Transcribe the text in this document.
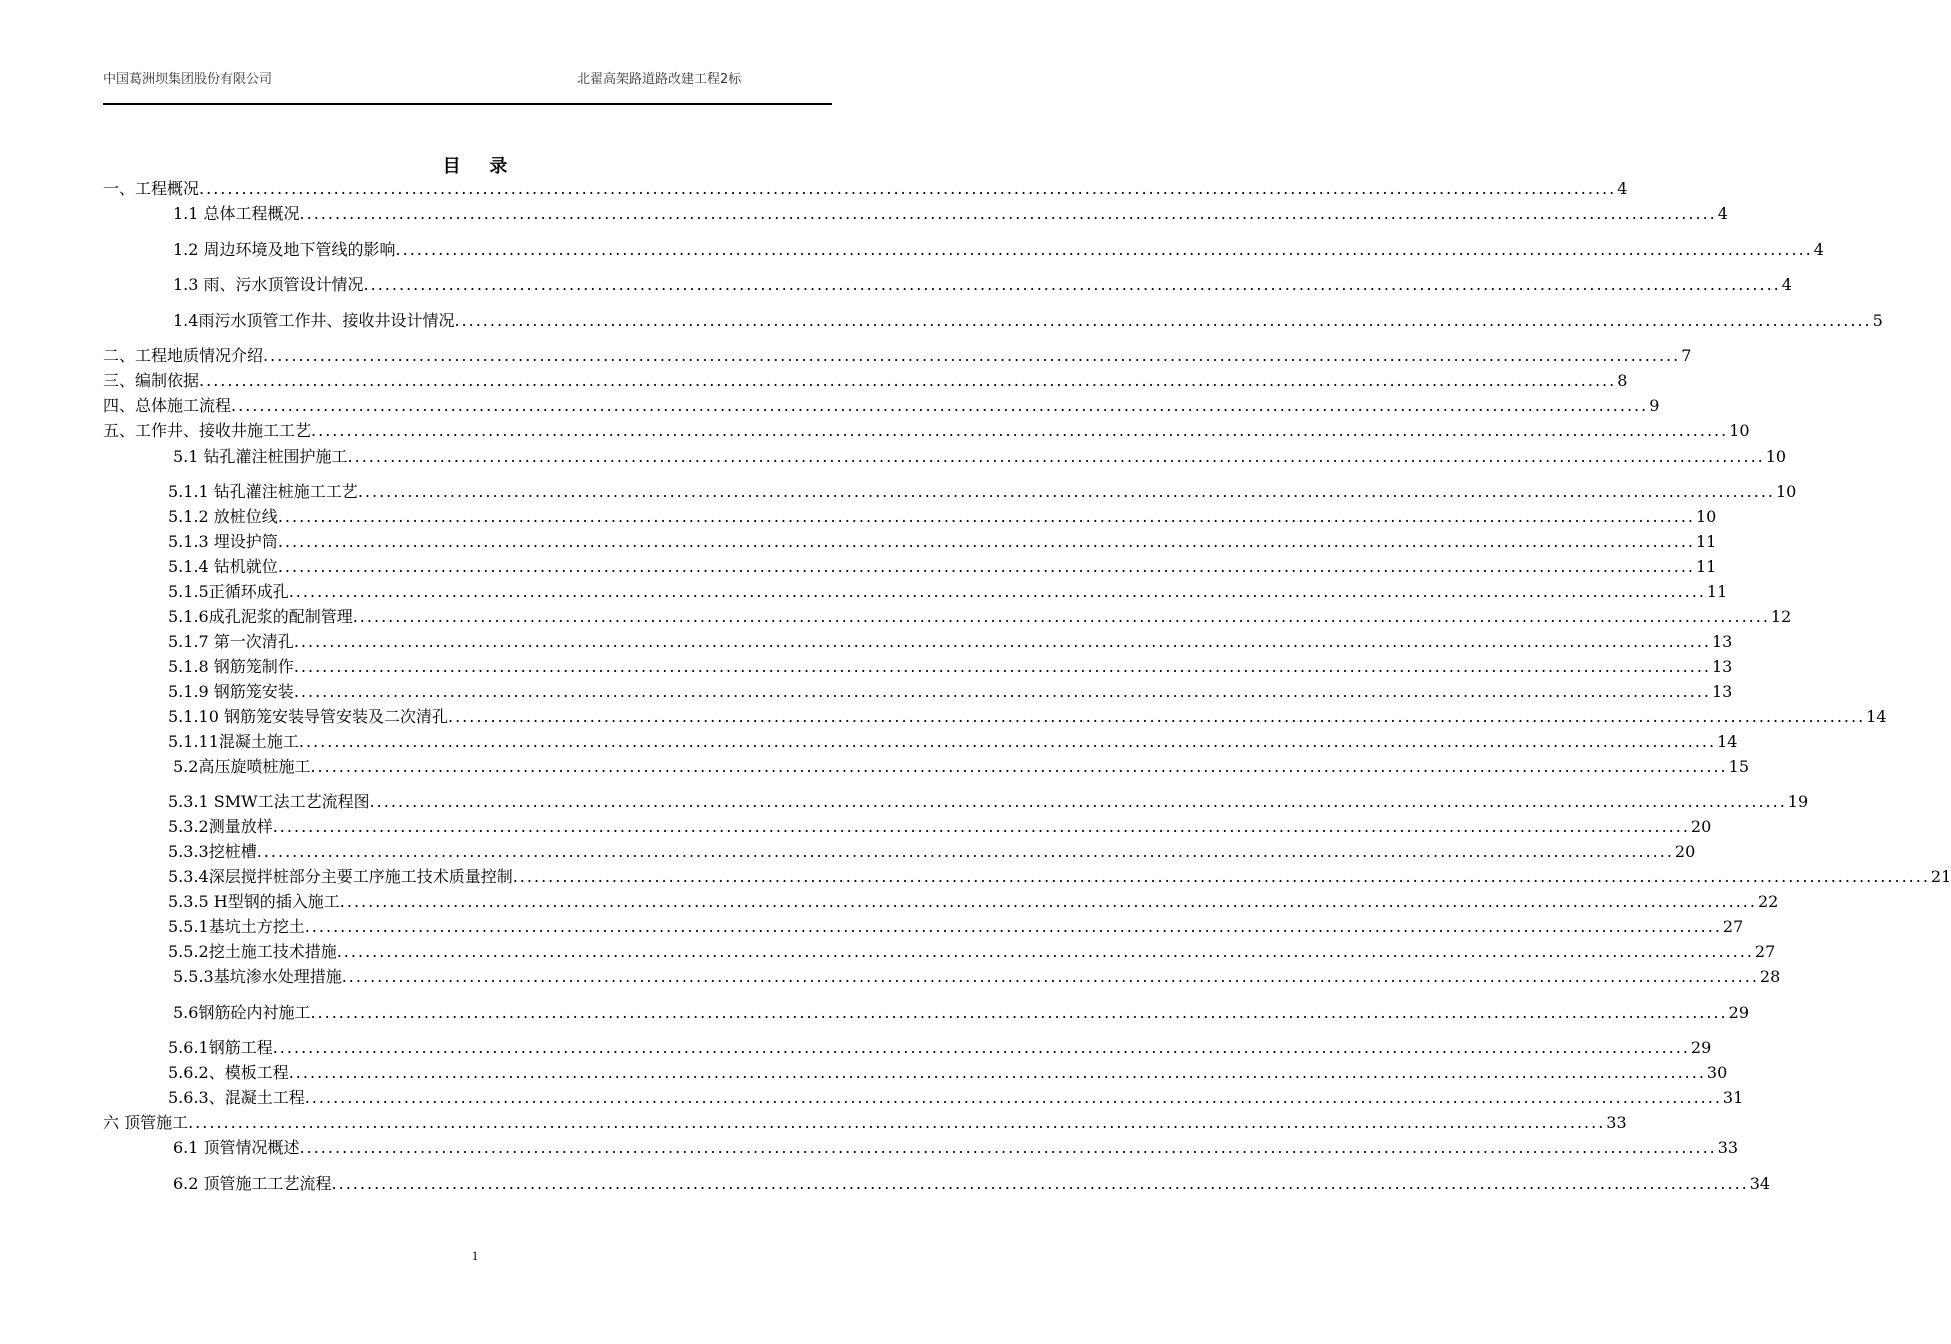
中国葛洲坝集团股份有限公司	北翟高架路道路改建工程2标
目录
一、工程概况 ........................................................................................................................................................................................................ 4
1.1 总体工程概况 ........................................................................................................................................................................................................ 4
1.2 周边环境及地下管线的影响 ........................................................................................................................................................................................................ 4
1.3 雨、污水顶管设计情况 ........................................................................................................................................................................................................ 4
1.4雨污水顶管工作井、接收井设计情况 ........................................................................................................................................................................................................ 5
二、工程地质情况介绍 ........................................................................................................................................................................................................ 7
三、编制依据 ........................................................................................................................................................................................................ 8
四、总体施工流程 ........................................................................................................................................................................................................ 9
五、工作井、接收井施工工艺 ........................................................................................................................................................................................................ 10
5.1 钻孔灌注桩围护施工 ........................................................................................................................................................................................................ 10
5.1.1 钻孔灌注桩施工工艺 ........................................................................................................................................................................................................ 10
5.1.2 放桩位线 ........................................................................................................................................................................................................ 10
5.1.3 埋设护筒 ........................................................................................................................................................................................................ 11
5.1.4 钻机就位 ........................................................................................................................................................................................................ 11
5.1.5正循环成孔 ........................................................................................................................................................................................................ 11
5.1.6成孔泥浆的配制管理 ........................................................................................................................................................................................................ 12
5.1.7 第一次清孔 ........................................................................................................................................................................................................ 13
5.1.8 钢筋笼制作 ........................................................................................................................................................................................................ 13
5.1.9 钢筋笼安装 ........................................................................................................................................................................................................ 13
5.1.10 钢筋笼安装导管安装及二次清孔 ........................................................................................................................................................................................................ 14
5.1.11混凝土施工 ........................................................................................................................................................................................................ 14
5.2高压旋喷桩施工 ........................................................................................................................................................................................................ 15
5.3.1 SMW工法工艺流程图 ........................................................................................................................................................................................................ 19
5.3.2测量放样 ........................................................................................................................................................................................................ 20
5.3.3挖桩槽 ........................................................................................................................................................................................................ 20
5.3.4深层搅拌桩部分主要工序施工技术质量控制 ........................................................................................................................................................................................................ 21
5.3.5 H型钢的插入施工 ........................................................................................................................................................................................................ 22
5.5.1基坑土方挖土 ........................................................................................................................................................................................................ 27
5.5.2挖土施工技术措施 ........................................................................................................................................................................................................ 27
5.5.3基坑渗水处理措施 ........................................................................................................................................................................................................ 28
5.6钢筋砼内衬施工 ........................................................................................................................................................................................................ 29
5.6.1钢筋工程 ........................................................................................................................................................................................................ 29
5.6.2、模板工程 ........................................................................................................................................................................................................ 30
5.6.3、混凝土工程 ........................................................................................................................................................................................................ 31
六 顶管施工 ........................................................................................................................................................................................................ 33
6.1 顶管情况概述 ........................................................................................................................................................................................................ 33
6.2 顶管施工工艺流程 ........................................................................................................................................................................................................ 34
1
